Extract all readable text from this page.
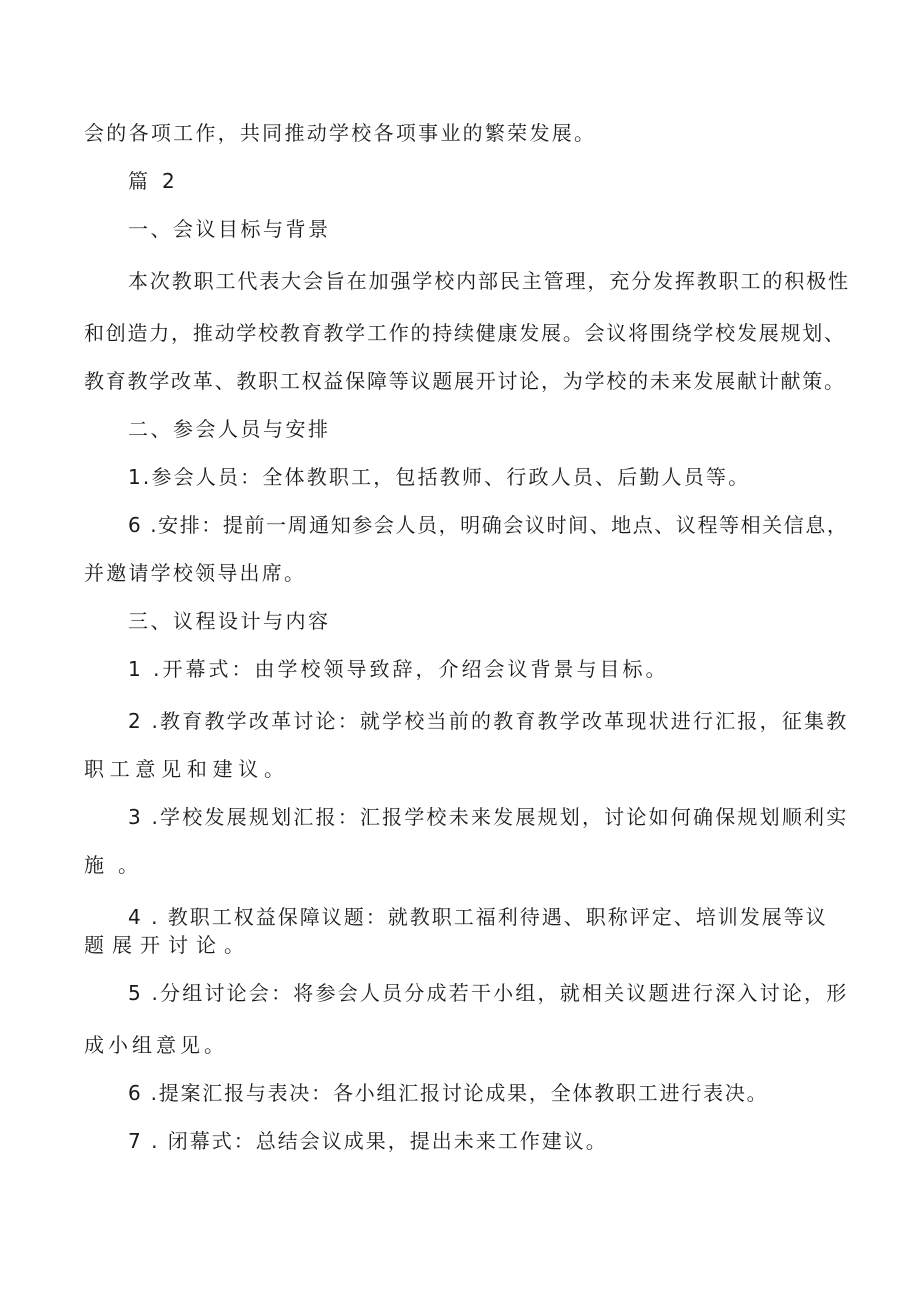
会的各项工作，共同推动学校各项事业的繁荣发展。
篇2
一、会议目标与背景
本次教职工代表大会旨在加强学校内部民主管理，充分发挥教职工的积极性
和创造力，推动学校教育教学工作的持续健康发展。会议将围绕学校发展规划、
教育教学改革、教职工权益保障等议题展开讨论，为学校的未来发展献计献策。
二、参会人员与安排
1.参会人员：全体教职工，包括教师、行政人员、后勤人员等。
6 .安排：提前一周通知参会人员，明确会议时间、地点、议程等相关信息，
并邀请学校领导出席。
三、议程设计与内容
1 .开幕式：由学校领导致辞，介绍会议背景与目标。
2 .教育教学改革讨论：就学校当前的教育教学改革现状进行汇报，征集教
职工意见和建议。
3 .学校发展规划汇报：汇报学校未来发展规划，讨论如何确保规划顺利实
施。
4 . 教职工权益保障议题：就教职工福利待遇、职称评定、培训发展等议
题展开讨论。
5 .分组讨论会：将参会人员分成若干小组，就相关议题进行深入讨论，形
成小组意见。
6 .提案汇报与表决：各小组汇报讨论成果，全体教职工进行表决。
7 . 闭幕式：总结会议成果，提出未来工作建议。
